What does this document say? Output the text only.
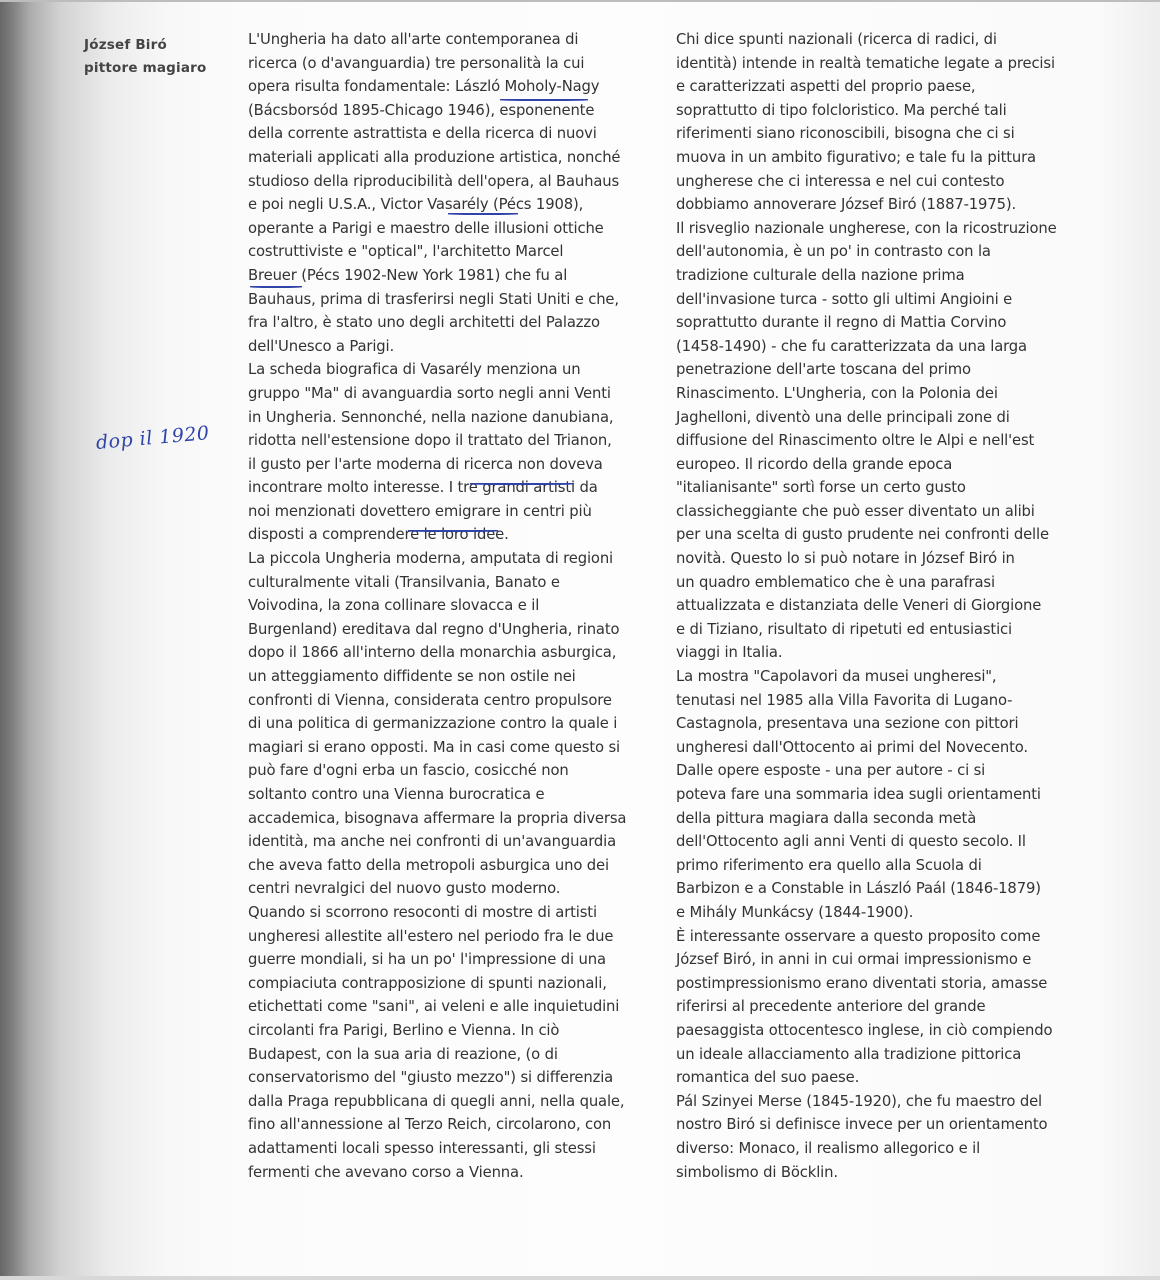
József Biró
pittore magiaro
dop il 1920
L'Ungheria ha dato all'arte contemporanea di
ricerca (o d'avanguardia) tre personalità la cui
opera risulta fondamentale: László Moholy-Nagy
(Bácsborsód 1895-Chicago 1946), esponenente
della corrente astrattista e della ricerca di nuovi
materiali applicati alla produzione artistica, nonché
studioso della riproducibilità dell'opera, al Bauhaus
e poi negli U.S.A., Victor Vasarély (Pécs 1908),
operante a Parigi e maestro delle illusioni ottiche
costruttiviste e "optical", l'architetto Marcel
Breuer (Pécs 1902-New York 1981) che fu al
Bauhaus, prima di trasferirsi negli Stati Uniti e che,
fra l'altro, è stato uno degli architetti del Palazzo
dell'Unesco a Parigi.
La scheda biografica di Vasarély menziona un
gruppo "Ma" di avanguardia sorto negli anni Venti
in Ungheria. Sennonché, nella nazione danubiana,
ridotta nell'estensione dopo il trattato del Trianon,
il gusto per l'arte moderna di ricerca non doveva
incontrare molto interesse. I tre grandi artisti da
noi menzionati dovettero emigrare in centri più
disposti a comprendere le loro idee.
La piccola Ungheria moderna, amputata di regioni
culturalmente vitali (Transilvania, Banato e
Voivodina, la zona collinare slovacca e il
Burgenland) ereditava dal regno d'Ungheria, rinato
dopo il 1866 all'interno della monarchia asburgica,
un atteggiamento diffidente se non ostile nei
confronti di Vienna, considerata centro propulsore
di una politica di germanizzazione contro la quale i
magiari si erano opposti. Ma in casi come questo si
può fare d'ogni erba un fascio, cosicché non
soltanto contro una Vienna burocratica e
accademica, bisognava affermare la propria diversa
identità, ma anche nei confronti di un'avanguardia
che aveva fatto della metropoli asburgica uno dei
centri nevralgici del nuovo gusto moderno.
Quando si scorrono resoconti di mostre di artisti
ungheresi allestite all'estero nel periodo fra le due
guerre mondiali, si ha un po' l'impressione di una
compiaciuta contrapposizione di spunti nazionali,
etichettati come "sani", ai veleni e alle inquietudini
circolanti fra Parigi, Berlino e Vienna. In ciò
Budapest, con la sua aria di reazione, (o di
conservatorismo del "giusto mezzo") si differenzia
dalla Praga repubblicana di quegli anni, nella quale,
fino all'annessione al Terzo Reich, circolarono, con
adattamenti locali spesso interessanti, gli stessi
fermenti che avevano corso a Vienna.
Chi dice spunti nazionali (ricerca di radici, di
identità) intende in realtà tematiche legate a precisi
e caratterizzati aspetti del proprio paese,
soprattutto di tipo folcloristico. Ma perché tali
riferimenti siano riconoscibili, bisogna che ci si
muova in un ambito figurativo; e tale fu la pittura
ungherese che ci interessa e nel cui contesto
dobbiamo annoverare József Biró (1887-1975).
Il risveglio nazionale ungherese, con la ricostruzione
dell'autonomia, è un po' in contrasto con la
tradizione culturale della nazione prima
dell'invasione turca - sotto gli ultimi Angioini e
soprattutto durante il regno di Mattia Corvino
(1458-1490) - che fu caratterizzata da una larga
penetrazione dell'arte toscana del primo
Rinascimento. L'Ungheria, con la Polonia dei
Jaghelloni, diventò una delle principali zone di
diffusione del Rinascimento oltre le Alpi e nell'est
europeo. Il ricordo della grande epoca
"italianisante" sortì forse un certo gusto
classicheggiante che può esser diventato un alibi
per una scelta di gusto prudente nei confronti delle
novità. Questo lo si può notare in József Biró in
un quadro emblematico che è una parafrasi
attualizzata e distanziata delle Veneri di Giorgione
e di Tiziano, risultato di ripetuti ed entusiastici
viaggi in Italia.
La mostra "Capolavori da musei ungheresi",
tenutasi nel 1985 alla Villa Favorita di Lugano-
Castagnola, presentava una sezione con pittori
ungheresi dall'Ottocento ai primi del Novecento.
Dalle opere esposte - una per autore - ci si
poteva fare una sommaria idea sugli orientamenti
della pittura magiara dalla seconda metà
dell'Ottocento agli anni Venti di questo secolo. Il
primo riferimento era quello alla Scuola di
Barbizon e a Constable in László Paál (1846-1879)
e Mihály Munkácsy (1844-1900).
È interessante osservare a questo proposito come
József Biró, in anni in cui ormai impressionismo e
postimpressionismo erano diventati storia, amasse
riferirsi al precedente anteriore del grande
paesaggista ottocentesco inglese, in ciò compiendo
un ideale allacciamento alla tradizione pittorica
romantica del suo paese.
Pál Szinyei Merse (1845-1920), che fu maestro del
nostro Biró si definisce invece per un orientamento
diverso: Monaco, il realismo allegorico e il
simbolismo di Böcklin.
